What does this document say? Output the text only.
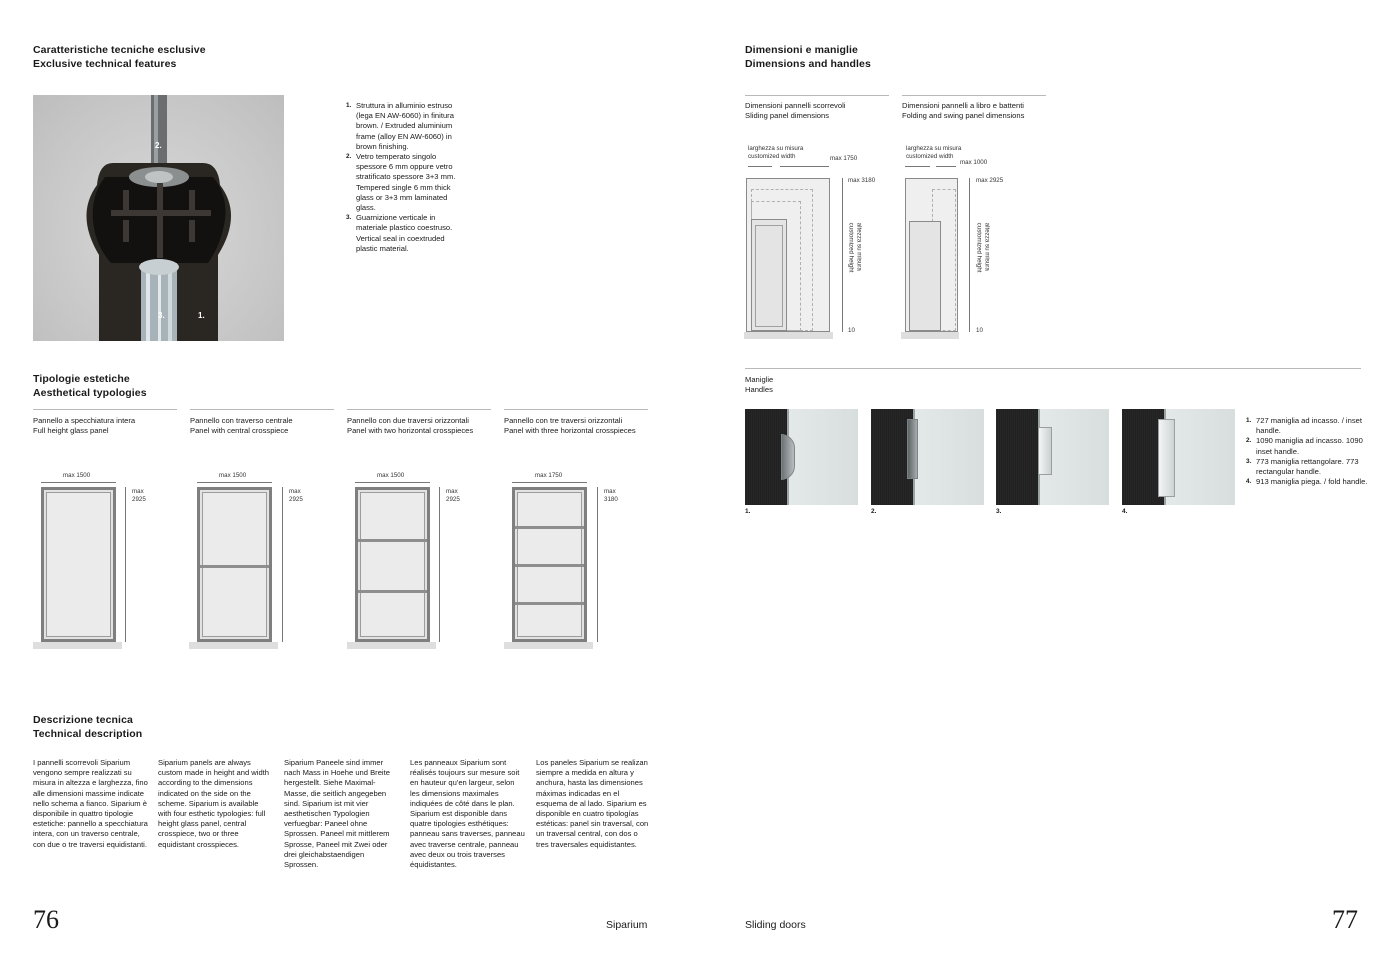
Caratteristiche tecniche esclusive
Exclusive technical features
2.
3.	1.
1. Struttura in alluminio estruso (lega EN AW-6060) in finitura brown. / Extruded aluminium frame (alloy EN AW-6060) in brown finishing.
2. Vetro temperato singolo spessore 6 mm oppure vetro stratificato spessore 3+3 mm. Tempered single 6 mm thick glass or 3+3 mm laminated glass.
3. Guarnizione verticale in materiale plastico coestruso. Vertical seal in coextruded plastic material.
Tipologie estetiche
Aesthetical typologies
Pannello a specchiatura intera
Full height glass panel
max 1500
max
2925
Pannello con traverso centrale
Panel with central crosspiece
max 1500
max
2925
Pannello con due traversi orizzontali
Panel with two horizontal crosspieces
max 1500
max
2925
Pannello con tre traversi orizzontali
Panel with three horizontal crosspieces
max 1750
max
3180
Descrizione tecnica
Technical description

I pannelli scorrevoli Siparium vengono sempre realizzati su misura in altezza e larghezza, fino alle dimensioni massime indicate nello schema a fianco. Siparium è disponibile in quattro tipologie estetiche: pannello a specchiatura intera, con un traverso centrale, con due o tre traversi equidistanti.

Siparium panels are always custom made in height and width according to the dimensions indicated on the side on the scheme. Siparium is available with four esthetic typologies: full height glass panel, central crosspiece, two or three equidistant crosspieces.

Siparium Paneele sind immer nach Mass in Hoehe und Breite hergestellt. Siehe Maximal-Masse, die seitlich angegeben sind. Siparium ist mit vier aesthetischen Typologien verfuegbar: Paneel ohne Sprossen. Paneel mit mittlerem Sprosse, Paneel mit Zwei oder drei gleichabstaendigen Sprossen.

Les panneaux Siparium sont réalisés toujours sur mesure soit en hauteur qu'en largeur, selon les dimensions maximales indiquées de côté dans le plan. Siparium est disponible dans quatre tipologies esthétiques: panneau sans traverses, panneau avec traverse centrale, panneau avec deux ou trois traverses équidistantes.

Los paneles Siparium se realizan siempre a medida en altura y anchura, hasta las dimensiones máximas indicadas en el esquema de al lado. Siparium es disponible en cuatro tipologías estéticas: panel sin traversal, con un traversal central, con dos o tres traversales equidistantes.

76	Siparium
Dimensioni e maniglie
Dimensions and handles
Dimensioni pannelli scorrevoli
Sliding panel dimensions
larghezza su misura
customized width	max 1750
max 3180
altezza su misura
customized height
10
Dimensioni pannelli a libro e battenti
Folding and swing panel dimensions
larghezza su misura
customized width
max 1000
max 2925
altezza su misura
customized height
10
Maniglie
Handles
1.	2.	3.	4.
1. 727 maniglia ad incasso. / inset handle.
2. 1090 maniglia ad incasso. 1090 inset handle.
3. 773 maniglia rettangolare. 773 rectangular handle.
4. 913 maniglia piega. / fold handle.
Sliding doors	77
